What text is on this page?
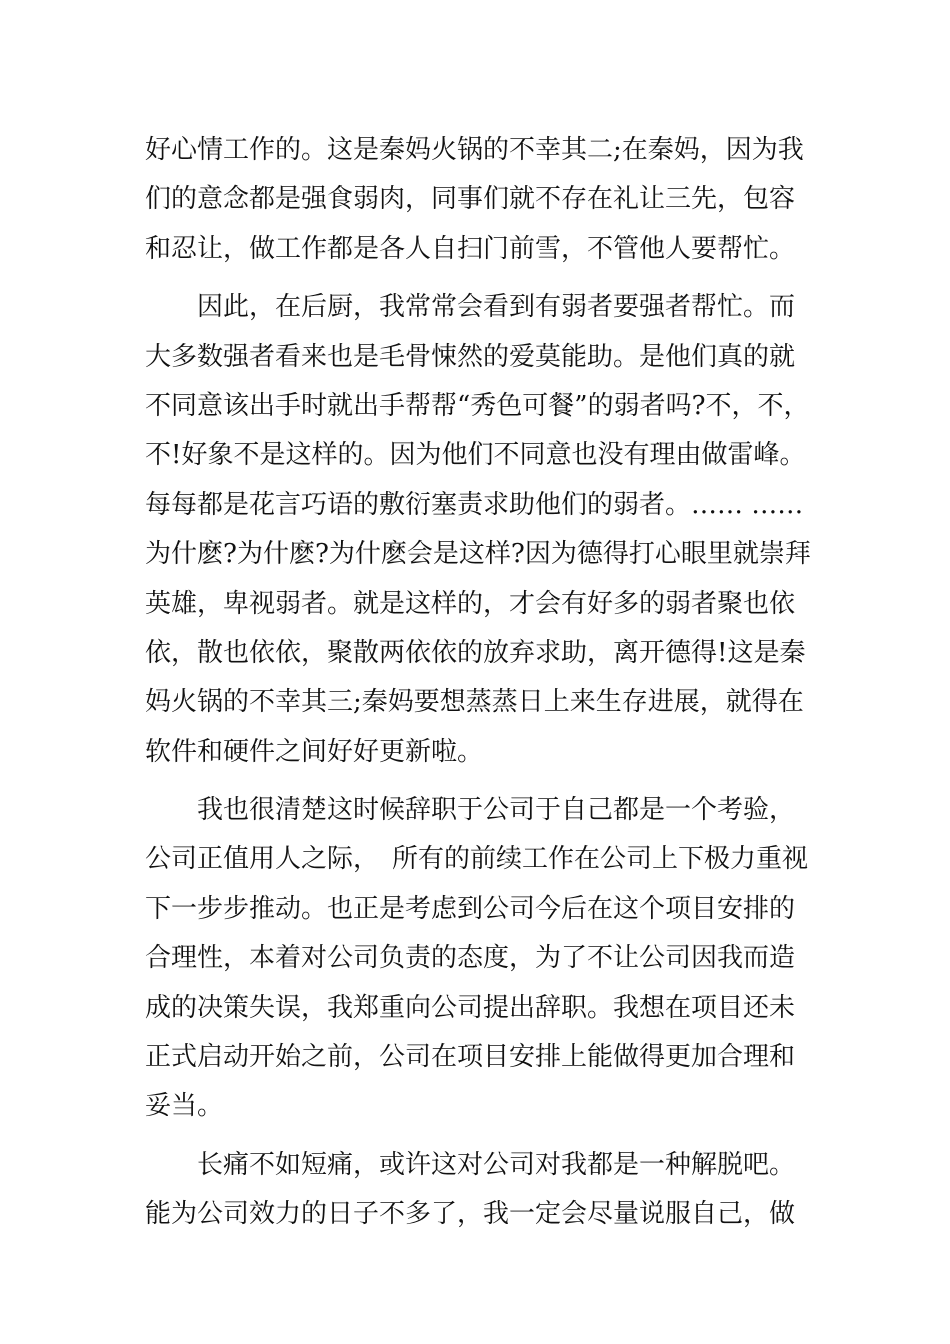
好心情工作的。这是秦妈火锅的不幸其二;在秦妈，因为我
们的意念都是强食弱肉，同事们就不存在礼让三先，包容
和忍让，做工作都是各人自扫门前雪，不管他人要帮忙。
　　因此，在后厨，我常常会看到有弱者要强者帮忙。而
大多数强者看来也是毛骨悚然的爱莫能助。是他们真的就
不同意该出手时就出手帮帮“秀色可餐”的弱者吗?不，不，
不!好象不是这样的。因为他们不同意也没有理由做雷峰。
每每都是花言巧语的敷衍塞责求助他们的弱者。…… ……
为什麽?为什麽?为什麽会是这样?因为德得打心眼里就崇拜
英雄，卑视弱者。就是这样的，才会有好多的弱者聚也依
依，散也依依，聚散两依依的放弃求助，离开德得!这是秦
妈火锅的不幸其三;秦妈要想蒸蒸日上来生存进展，就得在
软件和硬件之间好好更新啦。
　　我也很清楚这时候辞职于公司于自己都是一个考验，
公司正值用人之际，　所有的前续工作在公司上下极力重视
下一步步推动。也正是考虑到公司今后在这个项目安排的
合理性，本着对公司负责的态度，为了不让公司因我而造
成的决策失误，我郑重向公司提出辞职。我想在项目还未
正式启动开始之前，公司在项目安排上能做得更加合理和
妥当。
　　长痛不如短痛，或许这对公司对我都是一种解脱吧。
能为公司效力的日子不多了，我一定会尽量说服自己，做
